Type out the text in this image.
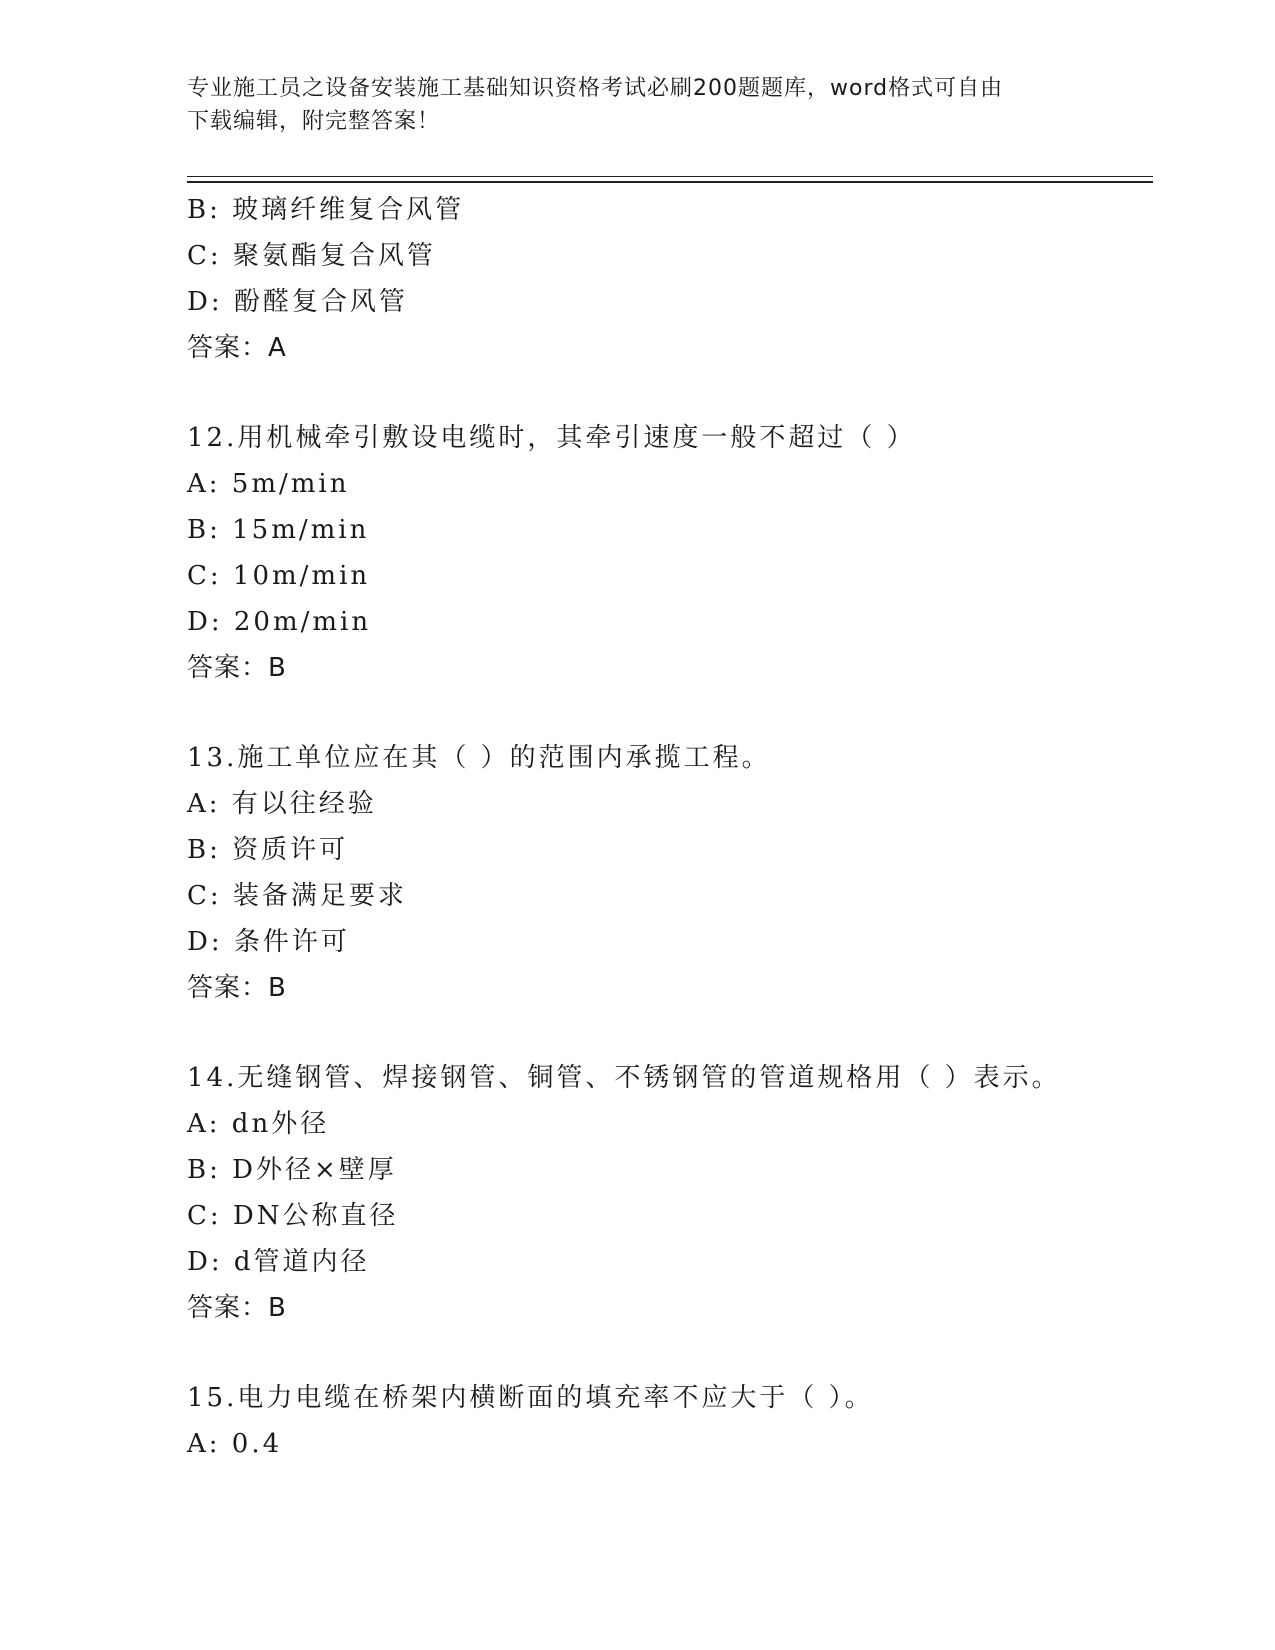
专业施工员之设备安装施工基础知识资格考试必刷200题题库，word格式可自由
下载编辑，附完整答案！
B: 玻璃纤维复合风管
C: 聚氨酯复合风管
D: 酚醛复合风管
答案：A
12.用机械牵引敷设电缆时，其牵引速度一般不超过（ ）
A: 5m/min
B: 15m/min
C: 10m/min
D: 20m/min
答案：B
13.施工单位应在其（ ）的范围内承揽工程。
A: 有以往经验
B: 资质许可
C: 装备满足要求
D: 条件许可
答案：B
14.无缝钢管、焊接钢管、铜管、不锈钢管的管道规格用（ ）表示。
A: dn外径
B: D外径×壁厚
C: DN公称直径
D: d管道内径
答案：B
15.电力电缆在桥架内横断面的填充率不应大于（ ）。
A: 0.4
